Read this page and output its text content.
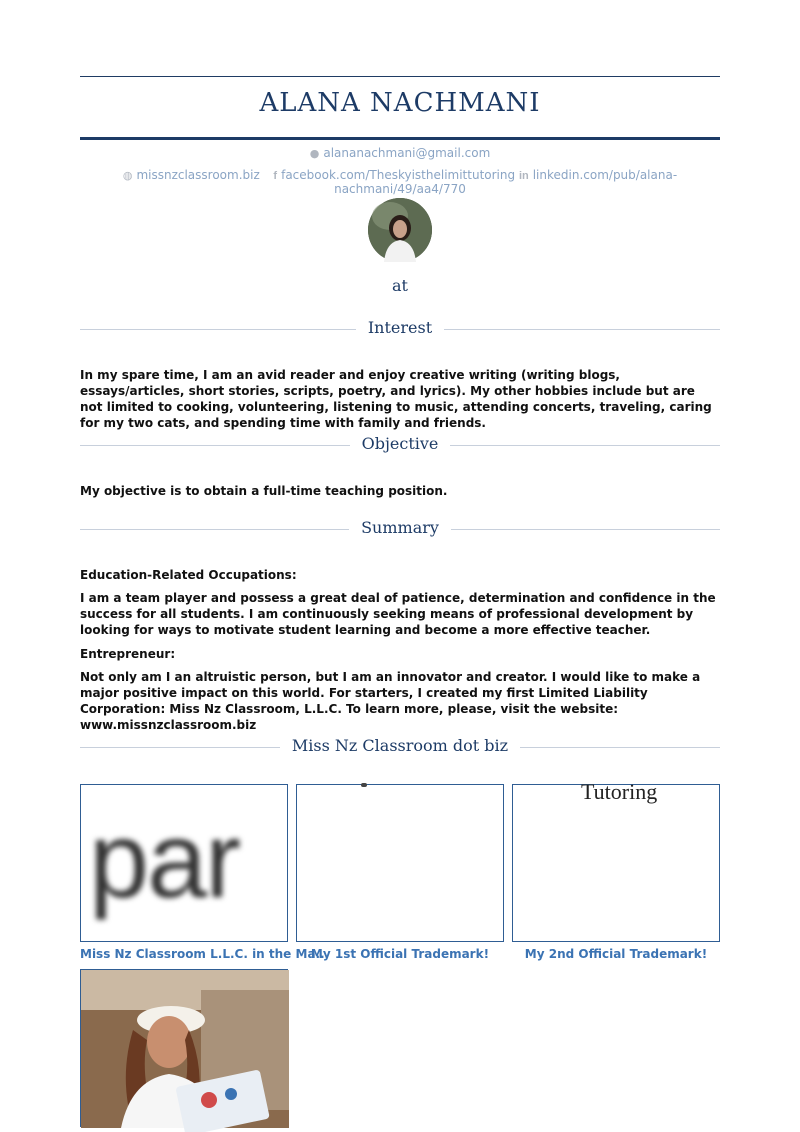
ALANA NACHMANI
● alananachmani@gmail.com
◍ missnzclassroom.biz f facebook.com/Theskyisthelimittutoring in linkedin.com/pub/alana-nachmani/49/aa4/770
at
Interest
In my spare time, I am an avid reader and enjoy creative writing (writing blogs, essays/articles, short stories, scripts, poetry, and lyrics). My other hobbies include but are not limited to cooking, volunteering, listening to music, attending concerts, traveling, caring for my two cats, and spending time with family and friends.
Objective
My objective is to obtain a full-time teaching position.
Summary
Education-Related Occupations:
I am a team player and possess a great deal of patience, determination and confidence in the success for all students. I am continuously seeking means of professional development by looking for ways to motivate student learning and become a more effective teacher.
Entrepreneur:
Not only am I an altruistic person, but I am an innovator and creator. I would like to make a major positive impact on this world. For starters, I created my first Limited Liability Corporation: Miss Nz Classroom, L.L.C. To learn more, please, visit the website: www.missnzclassroom.biz
Miss Nz Classroom dot biz
par
Miss Nz Classroom L.L.C. in the Ma...
My 1st Official Trademark!
Tutoring
My 2nd Official Trademark!
